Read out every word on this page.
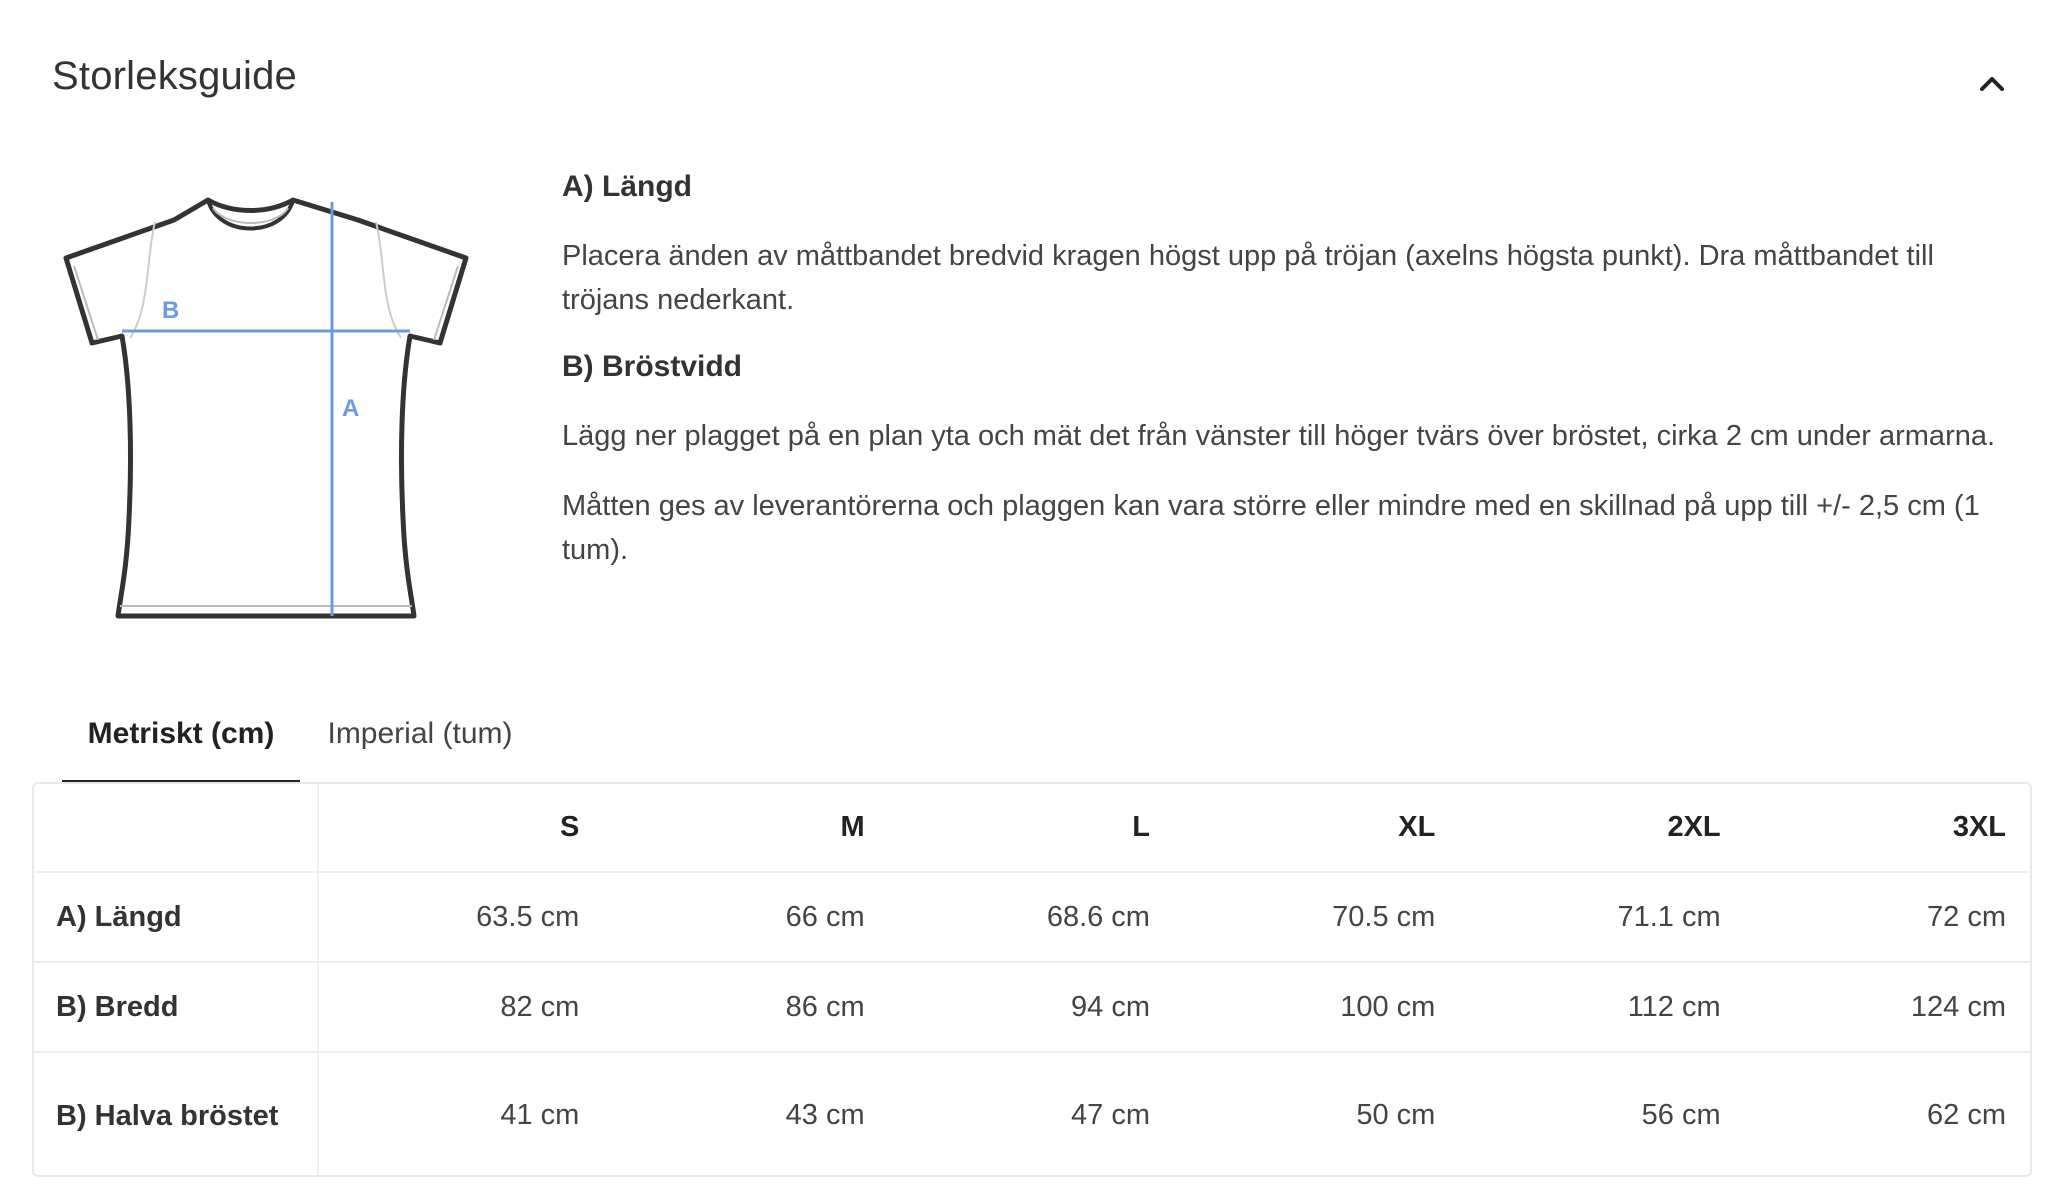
Storleksguide
B
A
A) Längd
Placera änden av måttbandet bredvid kragen högst upp på tröjan (axelns högsta punkt). Dra måttbandet till tröjans nederkant.
B) Bröstvidd
Lägg ner plagget på en plan yta och mät det från vänster till höger tvärs över bröstet, cirka 2 cm under armarna.
Måtten ges av leverantörerna och plaggen kan vara större eller mindre med en skillnad på upp till +/- 2,5 cm (1 tum).
Metriskt (cm)	Imperial (tum)
	S	M	L	XL	2XL	3XL
A) Längd	63.5 cm	66 cm	68.6 cm	70.5 cm	71.1 cm	72 cm
B) Bredd	82 cm	86 cm	94 cm	100 cm	112 cm	124 cm
B) Halva bröstet	41 cm	43 cm	47 cm	50 cm	56 cm	62 cm
